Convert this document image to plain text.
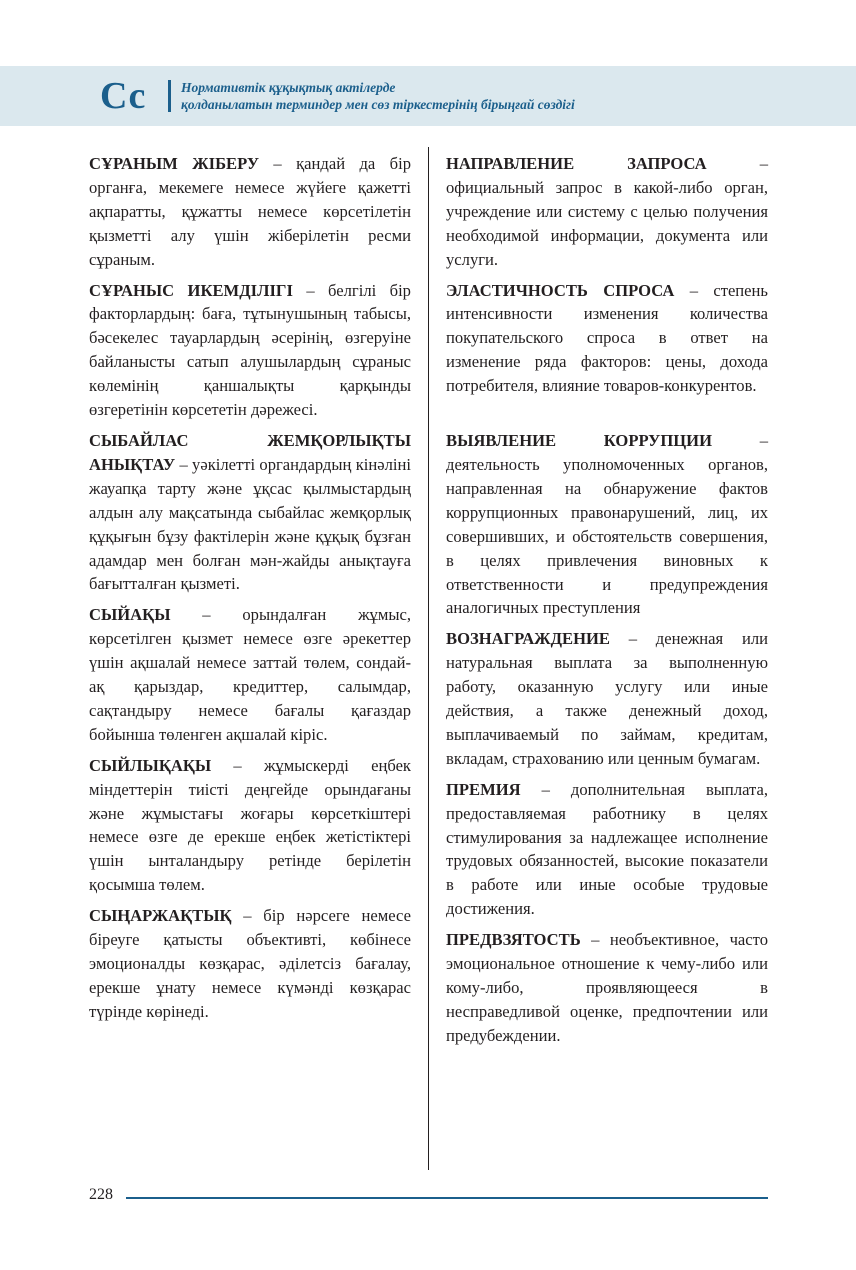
Cc	Нормативтік құқықтық актілерде
қолданылатын терминдер мен сөз тіркестерінің бірыңғай сөздігі

СҰРАНЫМ ЖІБЕРУ – қандай да бір органға, мекемеге немесе жүйеге қажетті ақпаратты, құжатты немесе көрсетілетін қызметті алу үшін жіберілетін ресми сұраным.

СҰРАНЫС ИКЕМДІЛІГІ – белгілі бір факторлардың: баға, тұтынушының табысы, бәсекелес тауарлардың әсерінің, өзгеруіне байланысты сатып алушылардың сұраныс көлемінің қаншалықты қарқынды өзгеретінін көрсететін дәрежесі.

СЫБАЙЛАС ЖЕМҚОРЛЫҚТЫ АНЫҚТАУ – уәкілетті органдардың кінәліні жауапқа тарту және ұқсас қылмыстардың алдын алу мақсатында сыбайлас жемқорлық құқығын бұзу фактілерін және құқық бұзған адамдар мен болған мән-жайды анықтауға бағытталған қызметі.

СЫЙАҚЫ – орындалған жұмыс, көрсетілген қызмет немесе өзге әрекеттер үшін ақшалай немесе заттай төлем, сондай-ақ қарыздар, кредиттер, салымдар, сақтандыру немесе бағалы қағаздар бойынша төленген ақшалай кіріс.

СЫЙЛЫҚАҚЫ – жұмыскерді еңбек міндеттерін тиісті деңгейде орындағаны және жұмыстағы жоғары көрсеткіштері немесе өзге де ерекше еңбек жетістіктері үшін ынталандыру ретінде берілетін қосымша төлем.

СЫҢАРЖАҚТЫҚ – бір нәрсеге немесе біреуге қатысты объективті, көбінесе эмоционалды көзқарас, әділетсіз бағалау, ерекше ұнату немесе күмәнді көзқарас түрінде көрінеді.

НАПРАВЛЕНИЕ ЗАПРОСА – официальный запрос в какой-либо орган, учреждение или систему с целью получения необходимой информации, документа или услуги.

ЭЛАСТИЧНОСТЬ СПРОСА – степень интенсивности изменения количества покупательского спроса в ответ на изменение ряда факторов: цены, дохода потребителя, влияние товаров-конкурентов.

ВЫЯВЛЕНИЕ КОРРУПЦИИ – деятельность уполномоченных органов, направленная на обнаружение фактов коррупционных правонарушений, лиц, их совершивших, и обстоятельств совершения, в целях привлечения виновных к ответственности и предупреждения аналогичных преступления

ВОЗНАГРАЖДЕНИЕ – денежная или натуральная выплата за выполненную работу, оказанную услугу или иные действия, а также денежный доход, выплачиваемый по займам, кредитам, вкладам, страхованию или ценным бумагам.

ПРЕМИЯ – дополнительная выплата, предоставляемая работнику в целях стимулирования за надлежащее исполнение трудовых обязанностей, высокие показатели в работе или иные особые трудовые достижения.

ПРЕДВЗЯТОСТЬ – необъективное, часто эмоциональное отношение к чему-либо или кому-либо, проявляющееся в несправедливой оценке, предпочтении или предубеждении.

228
